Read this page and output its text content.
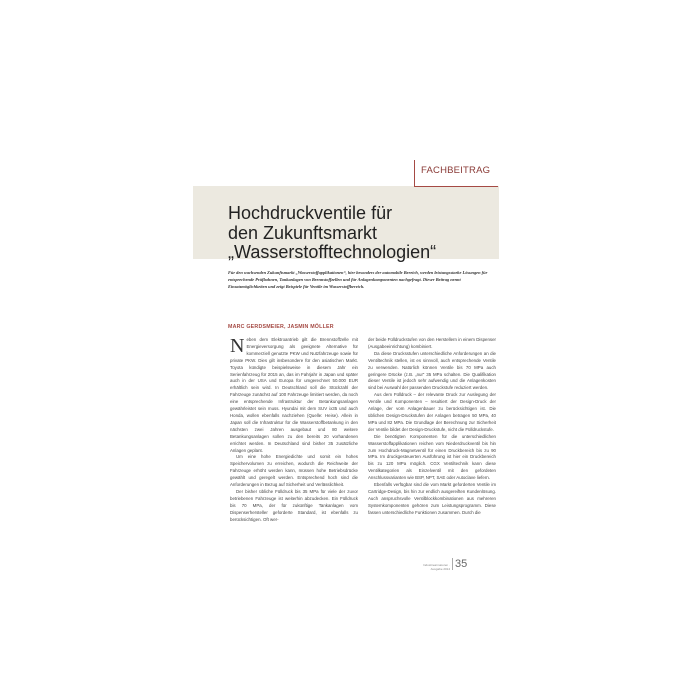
FACHBEITRAG
Hochdruckventile für
den Zukunftsmarkt
„Wasserstofftechnologien“
Für den wachsenden Zukunftsmarkt „Wasserstoffapplikationen“, hier besonders der automobile Bereich, werden leistungsstarke Lösungen für entsprechende Prüfbahnen, Tankanlagen von Brennstoffzellen und für Anlagenkomponenten nachgefragt. Dieser Beitrag nennt Einsatzmöglichkeiten und zeigt Beispiele für Ventile im Wasserstoffbereich.
MARC GERDSMEIER, JASMIN MÖLLER

Neben dem Elektroantrieb gilt die Brennstoffzelle mit Energieversorgung als geeignete Alternative für kommerziell genutzte PKW und Nutzfahrzeuge sowie für private PKW. Dies gilt insbesondere für den asiatischen Markt. Toyota kündigte beispielsweise in diesem Jahr ein Serienfahrzeug für 2015 an, das im Fahrjahr in Japan und später auch in der USA und Europa für umgerechnet 50.000 EUR erhältlich sein wird. In Deutschland soll die Stückzahl der Fahrzeuge zunächst auf 100 Fahrzeuge limitiert werden, da noch eine entsprechende Infrastruktur der Betankungsanlagen gewährleistet sein muss. Hyundai mit dem SUV ix35 und auch Honda, wollen ebenfalls nachziehen (Quelle: Heise). Allein in Japan soll die Infrastruktur für die Wasserstoffbetankung in den nächsten zwei Jahren ausgebaut und 80 weitere Betankungsanlagen sollen zu den bereits 20 vorhandenen errichtet werden. In Deutschland sind bisher 35 zusätzliche Anlagen geplant.

Um eine hohe Energiedichte und somit ein hohes Speichervolumen zu erreichen, wodurch die Reichweite der Fahrzeuge erhöht werden kann, müssen hohe Betriebsdrücke gewählt und geregelt werden. Entsprechend hoch sind die Anforderungen in Bezug auf Sicherheit und Verlässlichkeit.

Der bisher übliche Fülldruck bis 35 MPa für viele der zuvor betriebenen Fahrzeuge ist weiterhin abzudecken. Ein Fülldruck bis 70 MPa, der für zukünftige Tankanlagen vom Dispenserhersteller geforderte Standard, ist ebenfalls zu berücksichtigen. Oft wer-

der beide Fülldruckstufen von den Herstellern in einem Dispenser (Ausgabeeinrichtung) kombiniert.

Da diese Drucksstufen unterschiedliche Anforderungen an die Ventiltechnik stellen, ist es sinnvoll, auch entsprechende Ventile zu verwenden. Natürlich können Ventile bis 70 MPa auch geringere Drücke (z.B. „nur“ 35 MPa schalten. Die Qualifikation dieser Ventile ist jedoch sehr aufwendig und die Anlagenkosten sind bei Auswahl der passenden Druckstufe reduziert werden.

Aus dem Fülldruck – der relevante Druck zur Auslegung der Ventile und Komponenten – resultiert der Design-Druck der Anlage, der vom Anlagenbauer zu berücksichtigen ist. Die üblichen Design-Druckstufen der Anlagen betragen 50 MPa, 40 MPa und 82 MPa. Die Grundlage der Berechnung zur Sicherheit der Ventile bildet der Design-Druckstufe, nicht die Fülldruckstufe.

Die benötigten Komponenten für die unterschiedlichen Wasserstoffapplikationen reichen vom Niederdruckventil bis hin zum Hochdruck-Magnetventil für einen Druckbereich bis zu 90 MPa. Im druckgesteuerten Ausführung ist hier ein Druckbereich bis zu 120 MPa möglich. CGX Ventiltechnik kann diese Ventilkategorien als Einzelventil mit den gefordeten Anschlussvarianten wie BSP, NPT, SAE oder Autoclave liefern.

Ebenfalls verfügbar sind die vom Markt geforderten Ventile im Cartridge-Design, bis hin zur endlich ausgereiften Kundenlösung. Auch anspruchsvolle Ventilblockkombinationen aus mehreren Systemkomponenten gehören zum Leistungsprogramm. Diese fassen unterschiedliche Funktionen zusammen. Durch die

Industriearmaturen · Ausgabe 2014 35
